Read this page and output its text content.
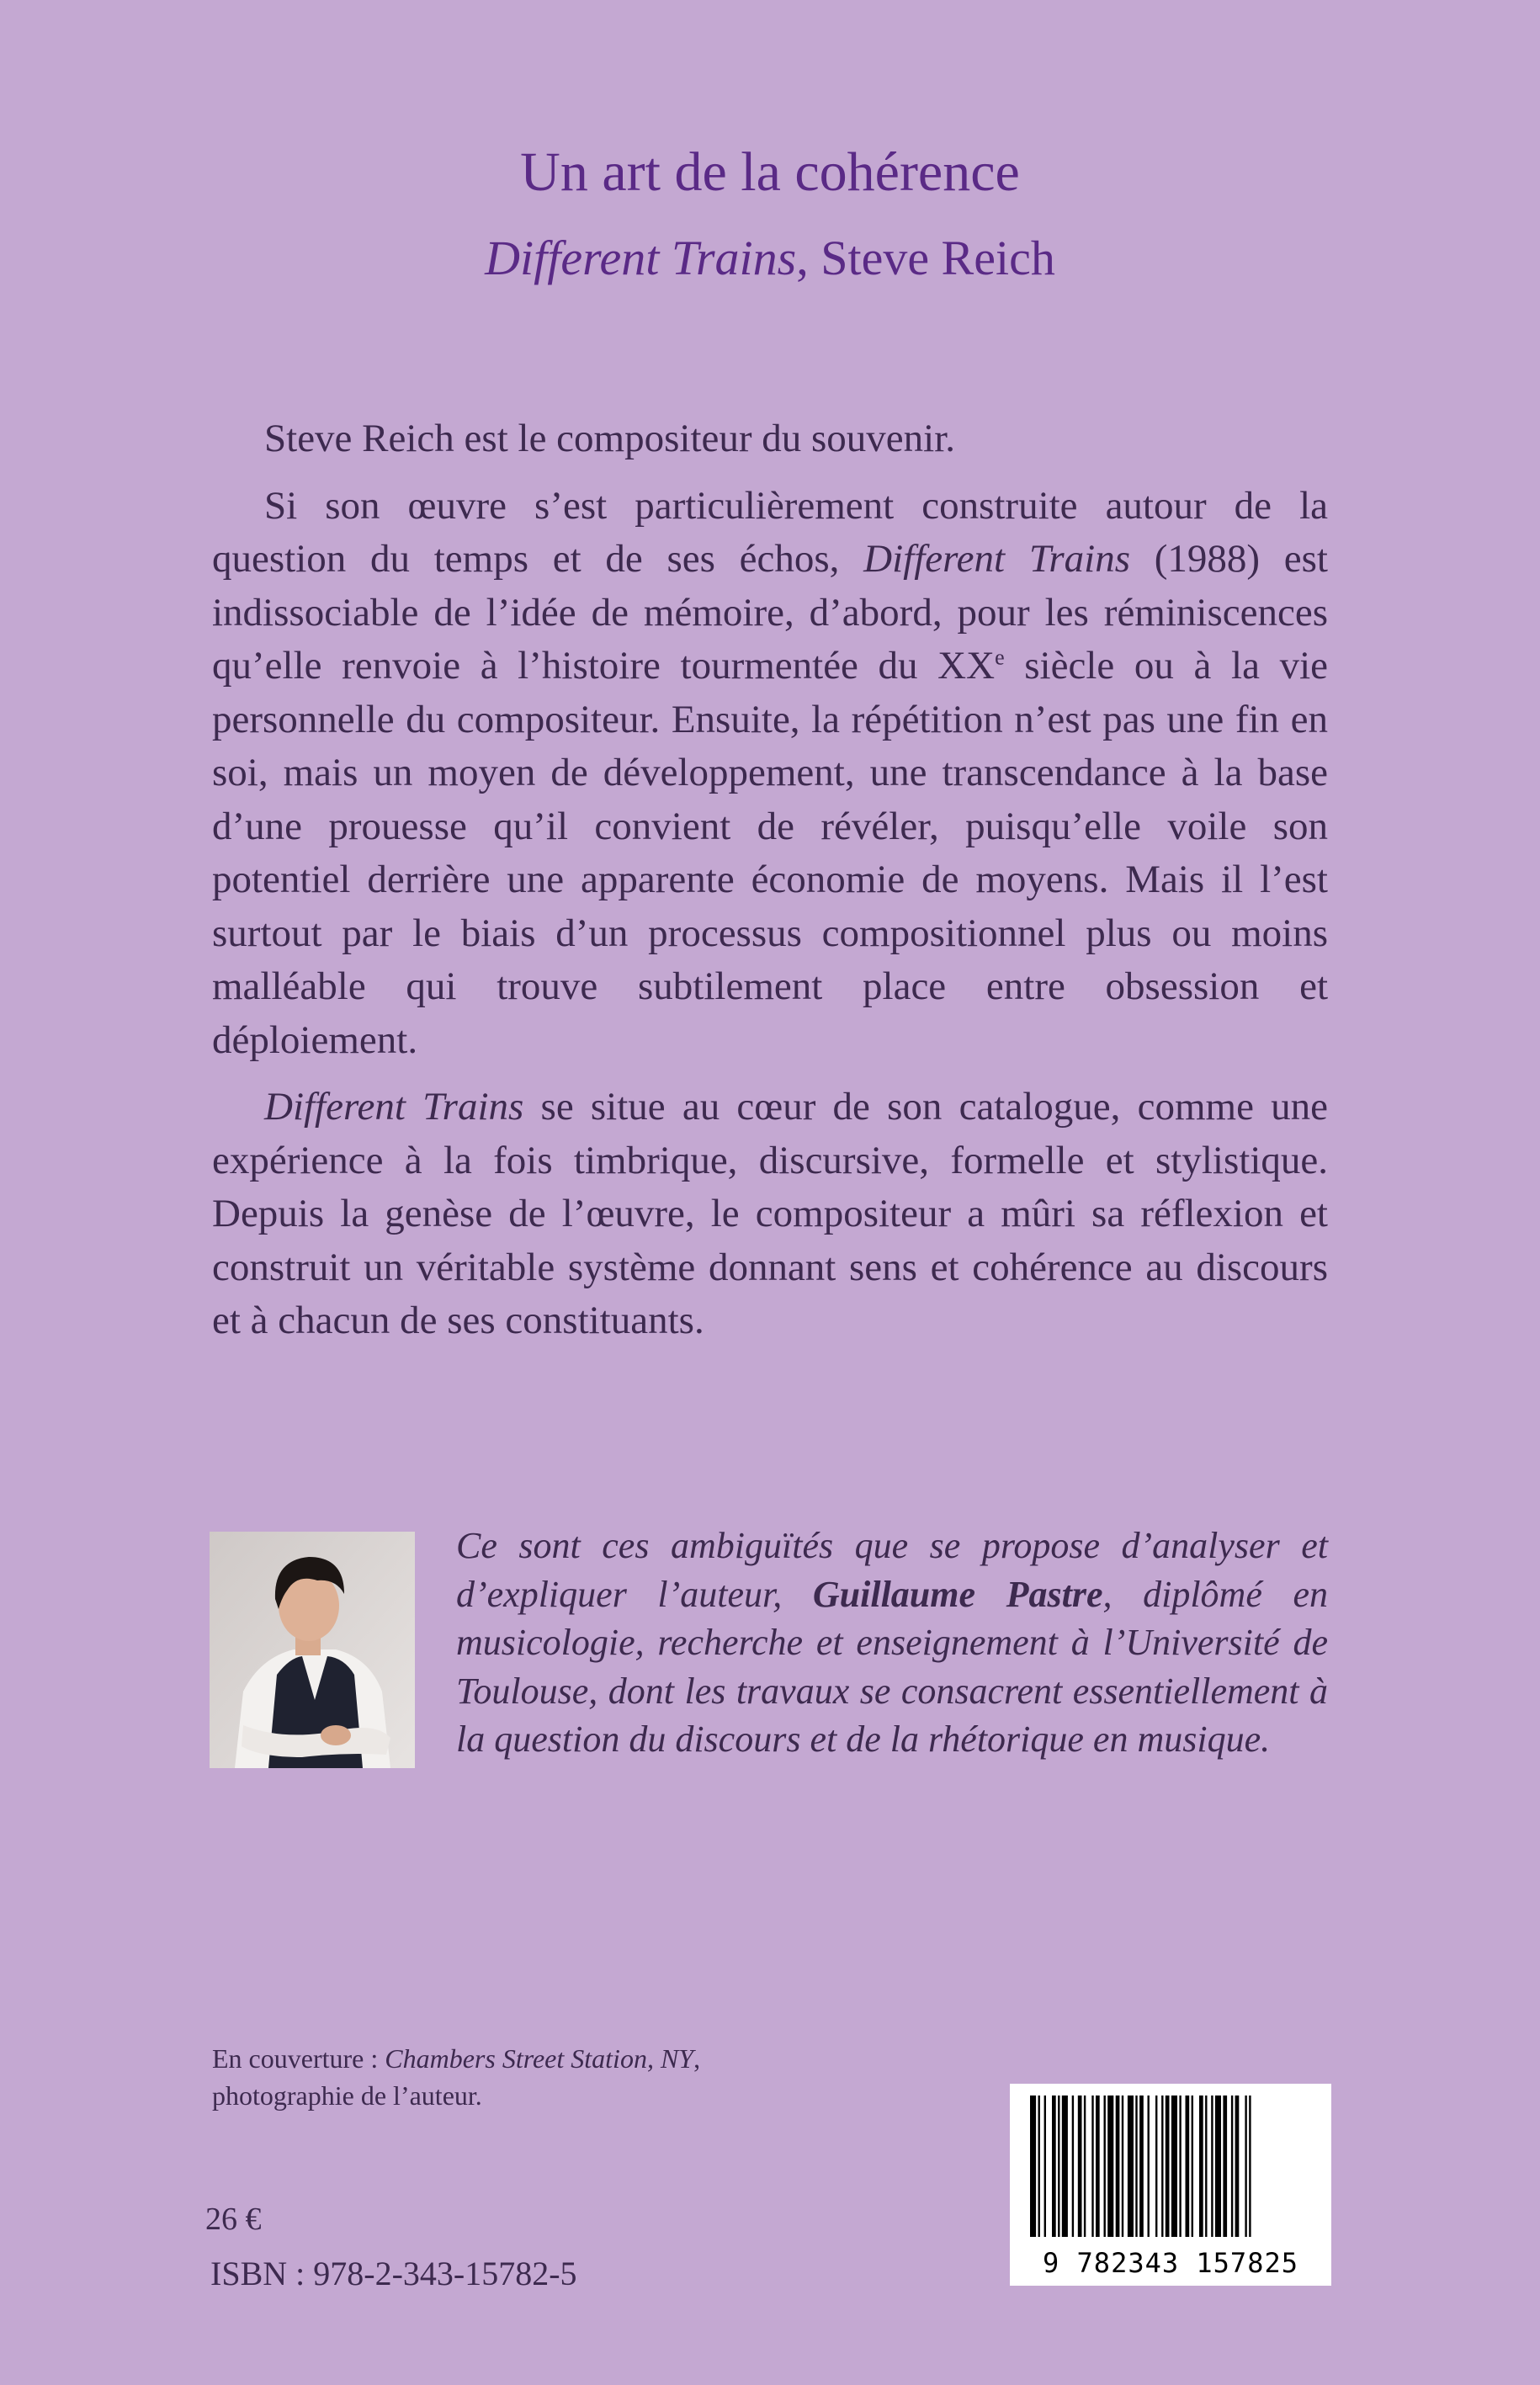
Un art de la cohérence
Different Trains, Steve Reich

Steve Reich est le compositeur du souvenir.

Si son œuvre s’est particulièrement construite autour de la question du temps et de ses échos, Different Trains (1988) est indissociable de l’idée de mémoire, d’abord, pour les réminiscences qu’elle renvoie à l’histoire tourmentée du XXe siècle ou à la vie personnelle du compositeur. Ensuite, la répétition n’est pas une fin en soi, mais un moyen de développement, une transcendance à la base d’une prouesse qu’il convient de révéler, puisqu’elle voile son potentiel derrière une apparente économie de moyens. Mais il l’est surtout par le biais d’un processus compositionnel plus ou moins malléable qui trouve subtilement place entre obsession et déploiement.

Different Trains se situe au cœur de son catalogue, comme une expérience à la fois timbrique, discursive, formelle et stylistique. Depuis la genèse de l’œuvre, le compositeur a mûri sa réflexion et construit un véritable système donnant sens et cohérence au discours et à chacun de ses constituants.

Ce sont ces ambiguïtés que se propose d’analyser et d’expliquer l’auteur, Guillaume Pastre, diplômé en musicologie, recherche et enseignement à l’Université de Toulouse, dont les travaux se consacrent essentiellement à la question du discours et de la rhétorique en musique.
En couverture : Chambers Street Station, NY,
photographie de l’auteur.
26 €
ISBN : 978-2-343-15782-5	9 782343 157825
